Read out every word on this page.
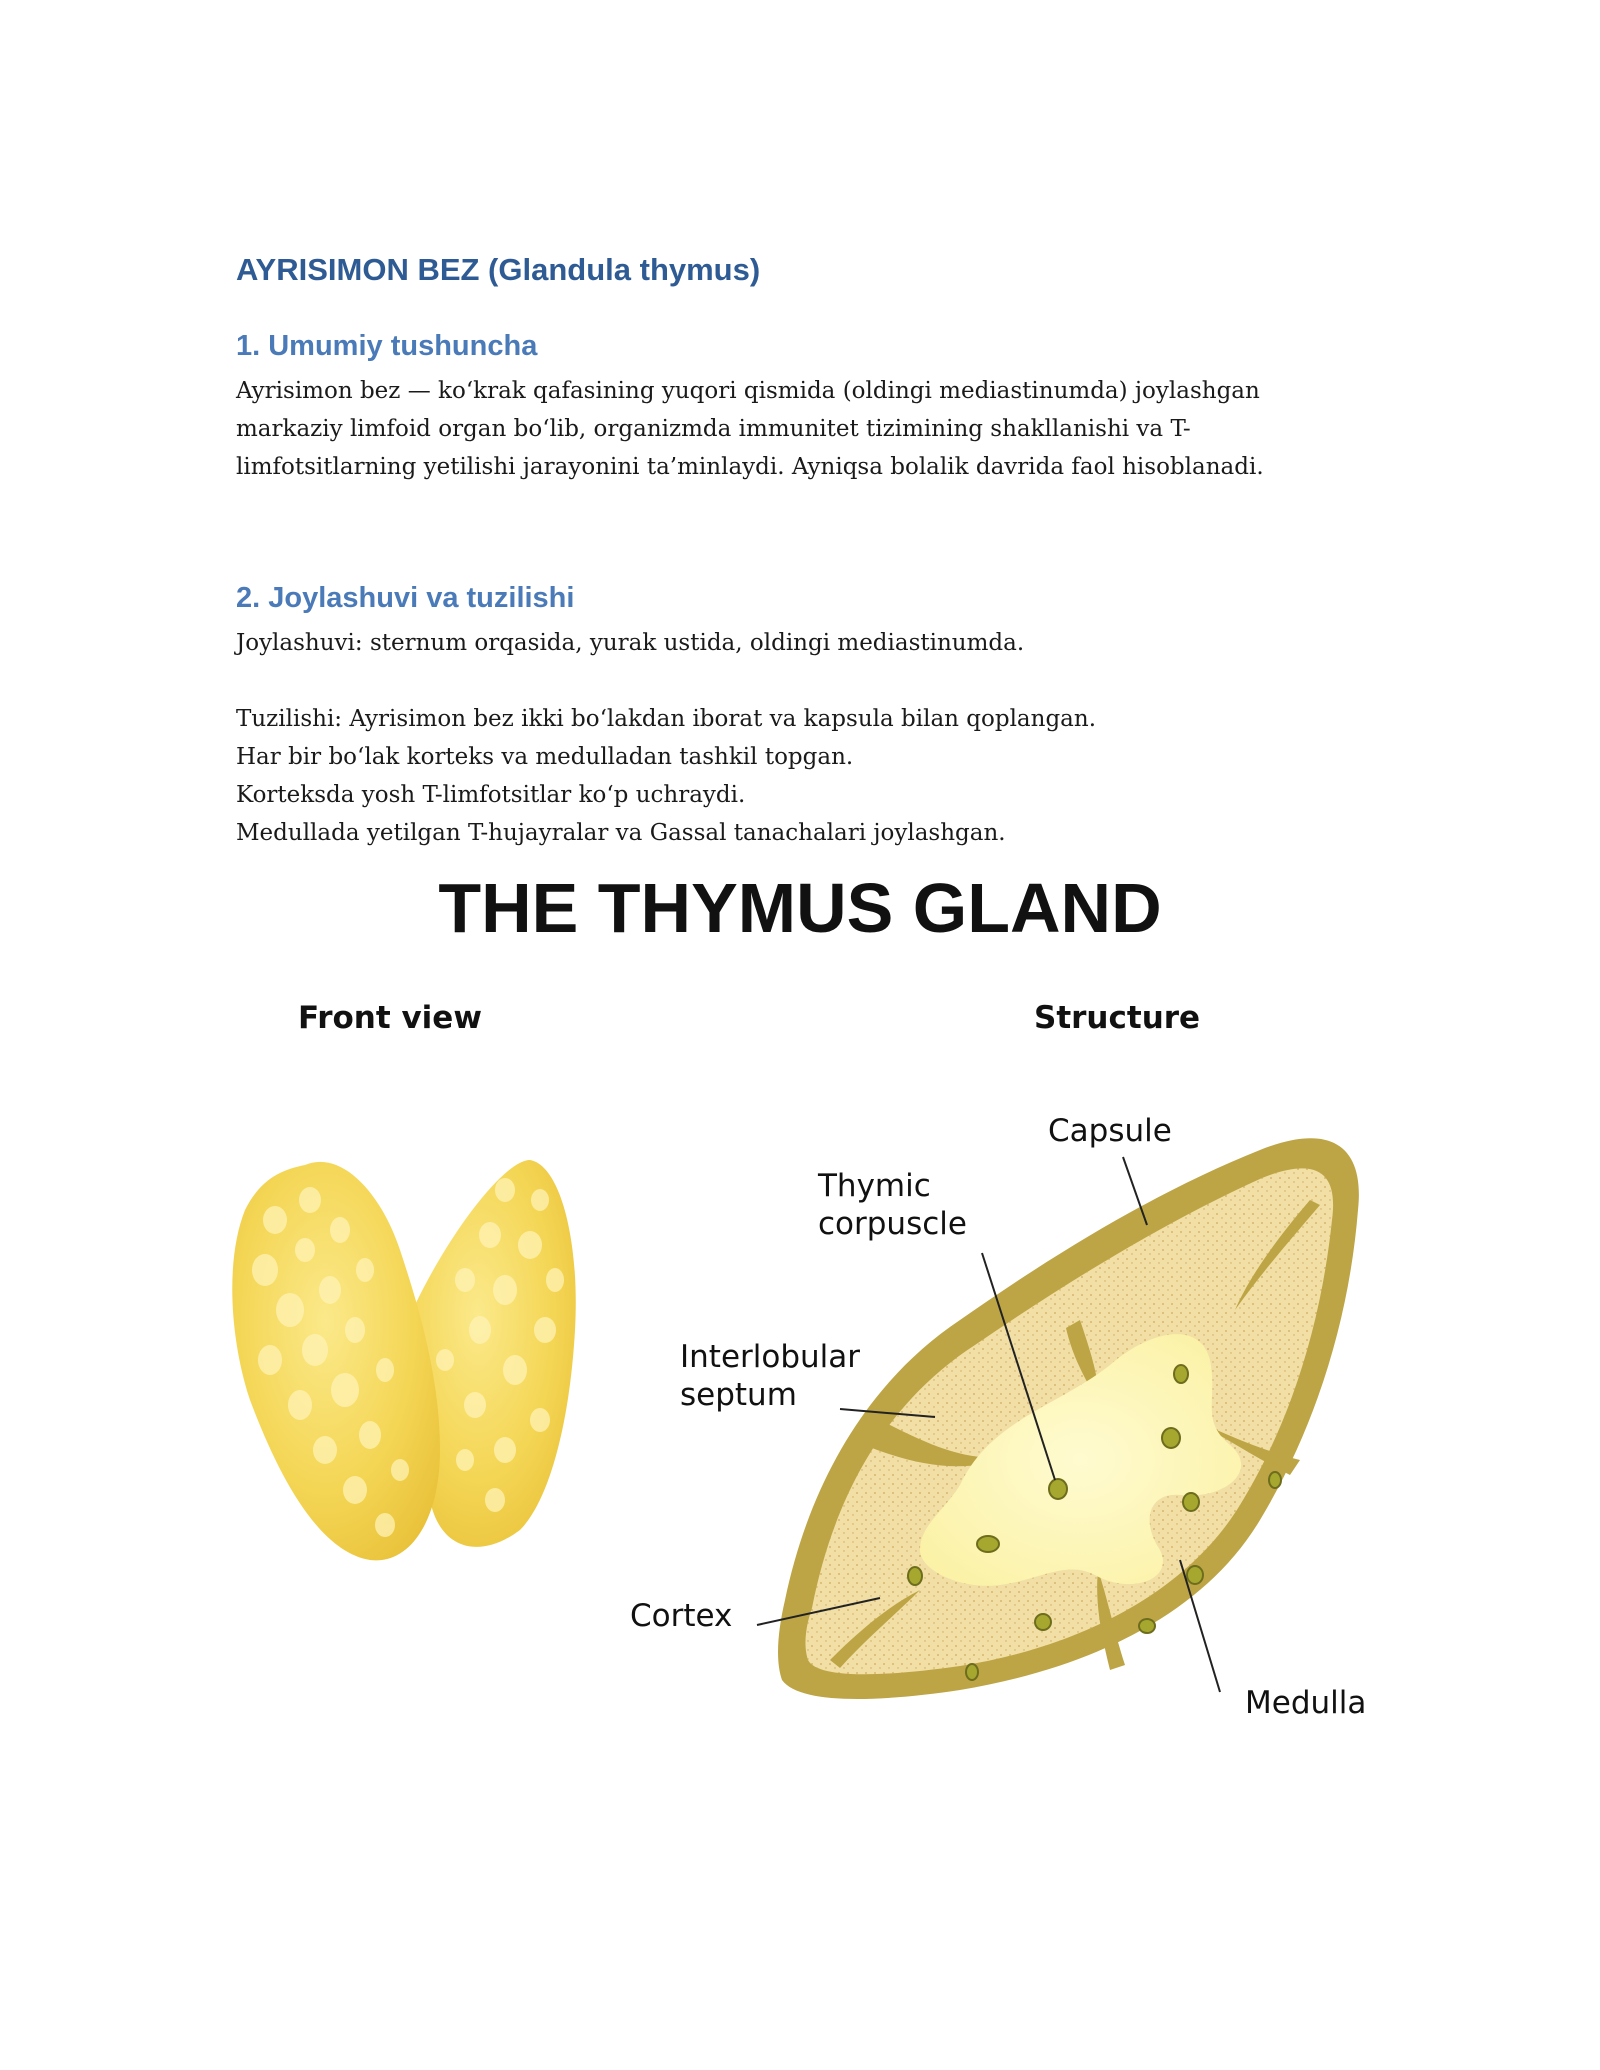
AYRISIMON BEZ (Glandula thymus)
1. Umumiy tushuncha
Ayrisimon bez — ko‘krak qafasining yuqori qismida (oldingi mediastinumda) joylashgan
markaziy limfoid organ bo‘lib, organizmda immunitet tizimining shakllanishi va T-
limfotsitlarning yetilishi jarayonini ta’minlaydi. Ayniqsa bolalik davrida faol hisoblanadi.
2. Joylashuvi va tuzilishi
Joylashuvi: sternum orqasida, yurak ustida, oldingi mediastinumda.
Tuzilishi: Ayrisimon bez ikki bo‘lakdan iborat va kapsula bilan qoplangan.
Har bir bo‘lak korteks va medulladan tashkil topgan.
Korteksda yosh T-limfotsitlar ko‘p uchraydi.
Medullada yetilgan T-hujayralar va Gassal tanachalari joylashgan.
THE THYMUS GLAND
Front view	Structure
Capsule
Thymic
corpuscle
Interlobular
septum
Cortex
Medulla
